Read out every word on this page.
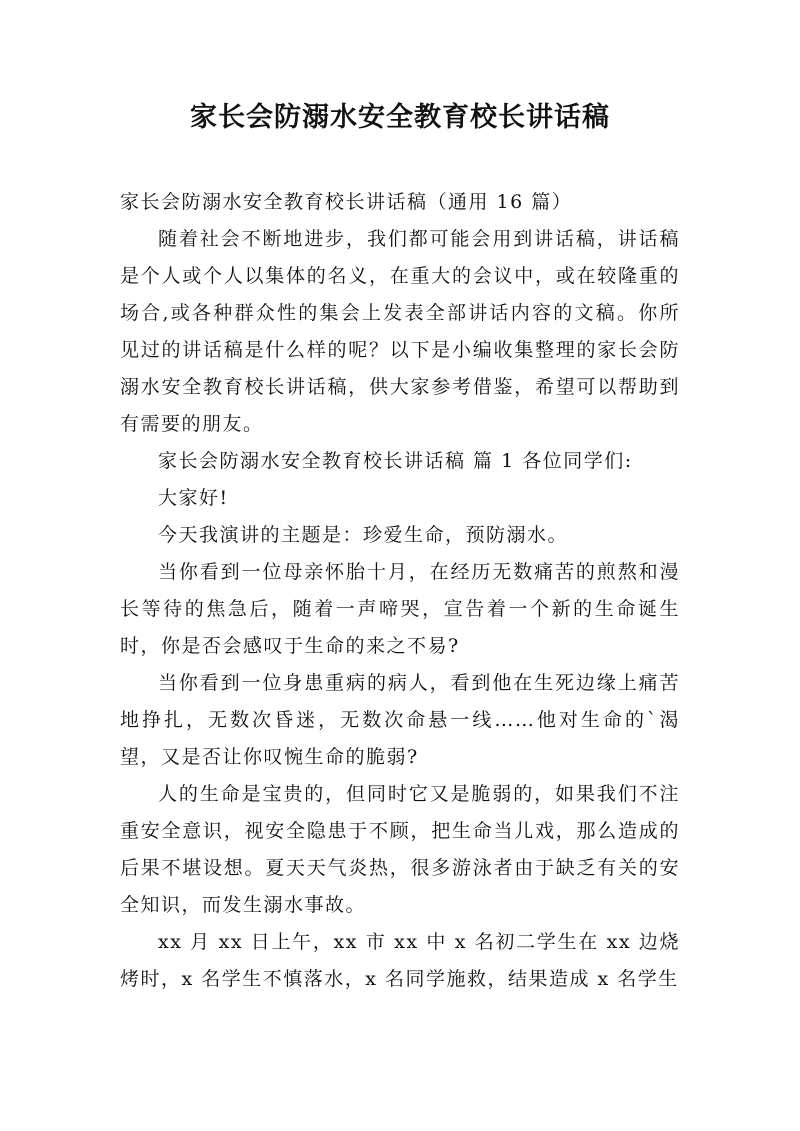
家长会防溺水安全教育校长讲话稿

家长会防溺水安全教育校长讲话稿（通用 16 篇）

随着社会不断地进步，我们都可能会用到讲话稿，讲话稿是个人或个人以集体的名义，在重大的会议中，或在较隆重的场合,或各种群众性的集会上发表全部讲话内容的文稿。你所见过的讲话稿是什么样的呢？以下是小编收集整理的家长会防溺水安全教育校长讲话稿，供大家参考借鉴，希望可以帮助到有需要的朋友。

家长会防溺水安全教育校长讲话稿 篇 1 各位同学们:

大家好!

今天我演讲的主题是：珍爱生命，预防溺水。

当你看到一位母亲怀胎十月，在经历无数痛苦的煎熬和漫长等待的焦急后，随着一声啼哭，宣告着一个新的生命诞生时，你是否会感叹于生命的来之不易?

当你看到一位身患重病的病人，看到他在生死边缘上痛苦地挣扎，无数次昏迷，无数次命悬一线……他对生命的`渴望，又是否让你叹惋生命的脆弱?

人的生命是宝贵的，但同时它又是脆弱的，如果我们不注重安全意识，视安全隐患于不顾，把生命当儿戏，那么造成的后果不堪设想。夏天天气炎热，很多游泳者由于缺乏有关的安全知识，而发生溺水事故。

xx 月 xx 日上午，xx 市 xx 中 x 名初二学生在 xx 边烧烤时，x 名学生不慎落水，x 名同学施救，结果造成 x 名学生
